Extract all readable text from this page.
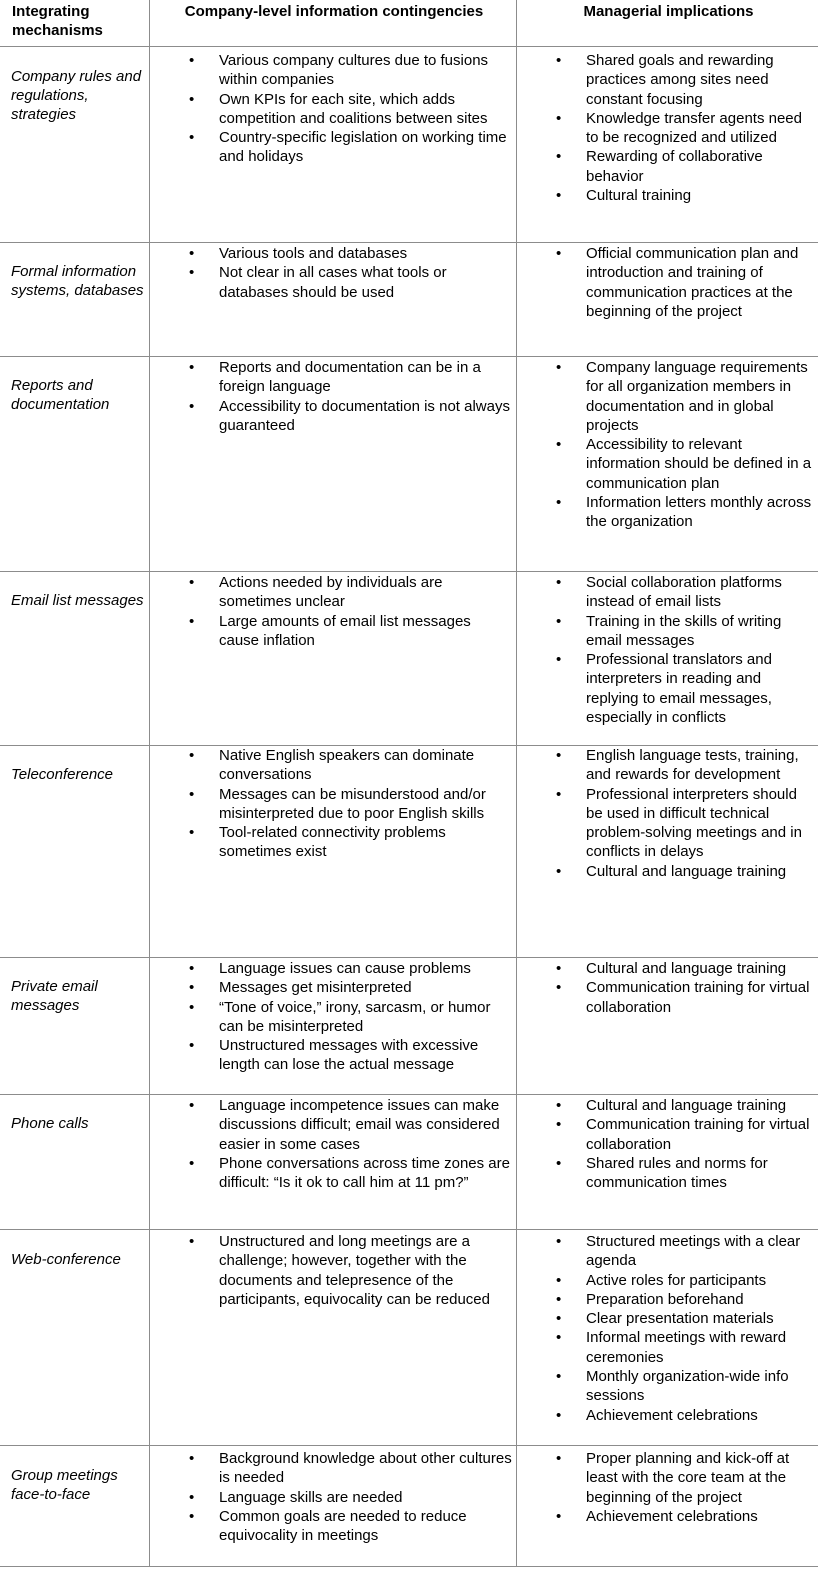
Integrating mechanisms
Company-level information contingencies	Managerial implications
Company rules and regulations, strategies
• Various company cultures due to fusions within companies
• Own KPIs for each site, which adds competition and coalitions between sites
• Country-specific legislation on working time and holidays
• Shared goals and rewarding practices among sites need constant focusing
• Knowledge transfer agents need to be recognized and utilized
• Rewarding of collaborative behavior
• Cultural training
Formal information systems, databases
• Various tools and databases
• Not clear in all cases what tools or databases should be used
• Official communication plan and introduction and training of communication practices at the beginning of the project
Reports and documentation
• Reports and documentation can be in a foreign language
• Accessibility to documentation is not always guaranteed
• Company language requirements for all organization members in documentation and in global projects
• Accessibility to relevant information should be defined in a communication plan
• Information letters monthly across the organization
Email list messages
• Actions needed by individuals are sometimes unclear
• Large amounts of email list messages cause inflation
• Social collaboration platforms instead of email lists
• Training in the skills of writing email messages
• Professional translators and interpreters in reading and replying to email messages, especially in conflicts
Teleconference
• Native English speakers can dominate conversations
• Messages can be misunderstood and/or misinterpreted due to poor English skills
• Tool-related connectivity problems sometimes exist
• English language tests, training, and rewards for development
• Professional interpreters should be used in difficult technical problem-solving meetings and in conflicts in delays
• Cultural and language training
Private email messages
• Language issues can cause problems
• Messages get misinterpreted
• “Tone of voice,” irony, sarcasm, or humor can be misinterpreted
• Unstructured messages with excessive length can lose the actual message
• Cultural and language training
• Communication training for virtual collaboration
Phone calls
• Language incompetence issues can make discussions difficult; email was considered easier in some cases
• Phone conversations across time zones are difficult: “Is it ok to call him at 11 pm?”
• Cultural and language training
• Communication training for virtual collaboration
• Shared rules and norms for communication times
Web-conference
• Unstructured and long meetings are a challenge; however, together with the documents and telepresence of the participants, equivocality can be reduced
• Structured meetings with a clear agenda
• Active roles for participants
• Preparation beforehand
• Clear presentation materials
• Informal meetings with reward ceremonies
• Monthly organization-wide info sessions
• Achievement celebrations
Group meetings face-to-face
• Background knowledge about other cultures is needed
• Language skills are needed
• Common goals are needed to reduce equivocality in meetings
• Proper planning and kick-off at least with the core team at the beginning of the project
• Achievement celebrations
